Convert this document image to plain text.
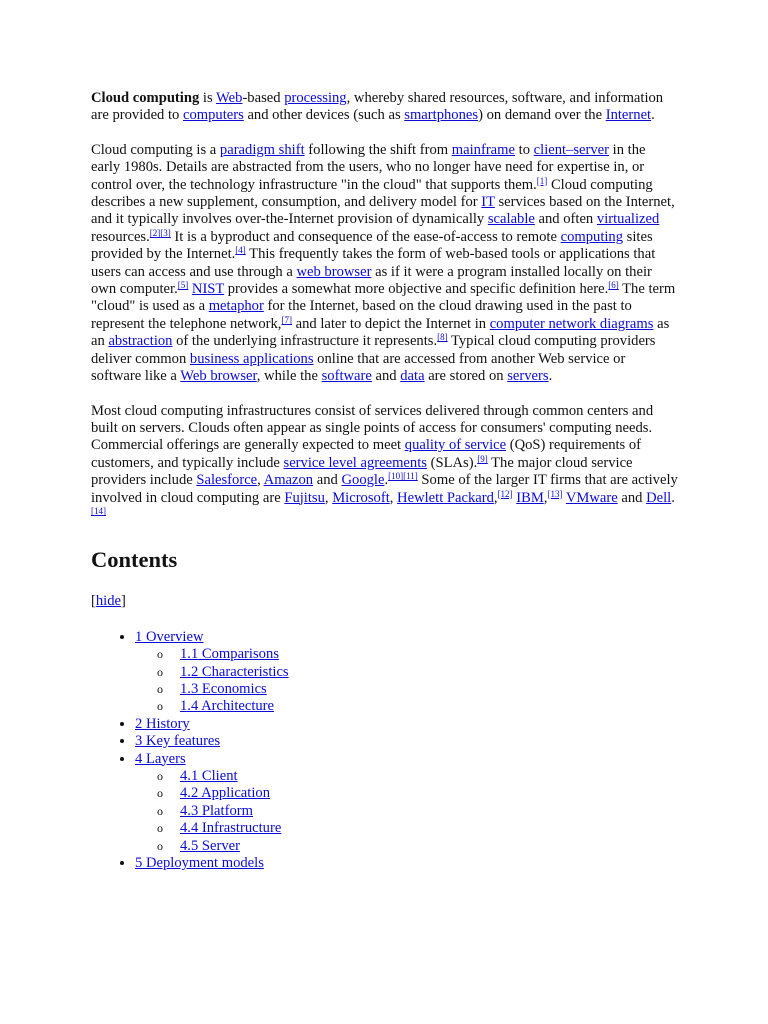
Cloud computing is Web-based processing, whereby shared resources, software, and information are provided to computers and other devices (such as smartphones) on demand over the Internet.

Cloud computing is a paradigm shift following the shift from mainframe to client–server in the early 1980s. Details are abstracted from the users, who no longer have need for expertise in, or control over, the technology infrastructure "in the cloud" that supports them.[1] Cloud computing describes a new supplement, consumption, and delivery model for IT services based on the Internet, and it typically involves over-the-Internet provision of dynamically scalable and often virtualized resources.[2][3] It is a byproduct and consequence of the ease-of-access to remote computing sites provided by the Internet.[4] This frequently takes the form of web-based tools or applications that users can access and use through a web browser as if it were a program installed locally on their own computer.[5] NIST provides a somewhat more objective and specific definition here.[6] The term "cloud" is used as a metaphor for the Internet, based on the cloud drawing used in the past to represent the telephone network,[7] and later to depict the Internet in computer network diagrams as an abstraction of the underlying infrastructure it represents.[8] Typical cloud computing providers deliver common business applications online that are accessed from another Web service or software like a Web browser, while the software and data are stored on servers.

Most cloud computing infrastructures consist of services delivered through common centers and built on servers. Clouds often appear as single points of access for consumers' computing needs. Commercial offerings are generally expected to meet quality of service (QoS) requirements of customers, and typically include service level agreements (SLAs).[9] The major cloud service providers include Salesforce, Amazon and Google.[10][11] Some of the larger IT firms that are actively involved in cloud computing are Fujitsu, Microsoft, Hewlett Packard,[12] IBM,[13] VMware and Dell.[14]

Contents
[hide]
• 1 Overview
o 1.1 Comparisons
o 1.2 Characteristics
o 1.3 Economics
o 1.4 Architecture
• 2 History
• 3 Key features
• 4 Layers
o 4.1 Client
o 4.2 Application
o 4.3 Platform
o 4.4 Infrastructure
o 4.5 Server
• 5 Deployment models
